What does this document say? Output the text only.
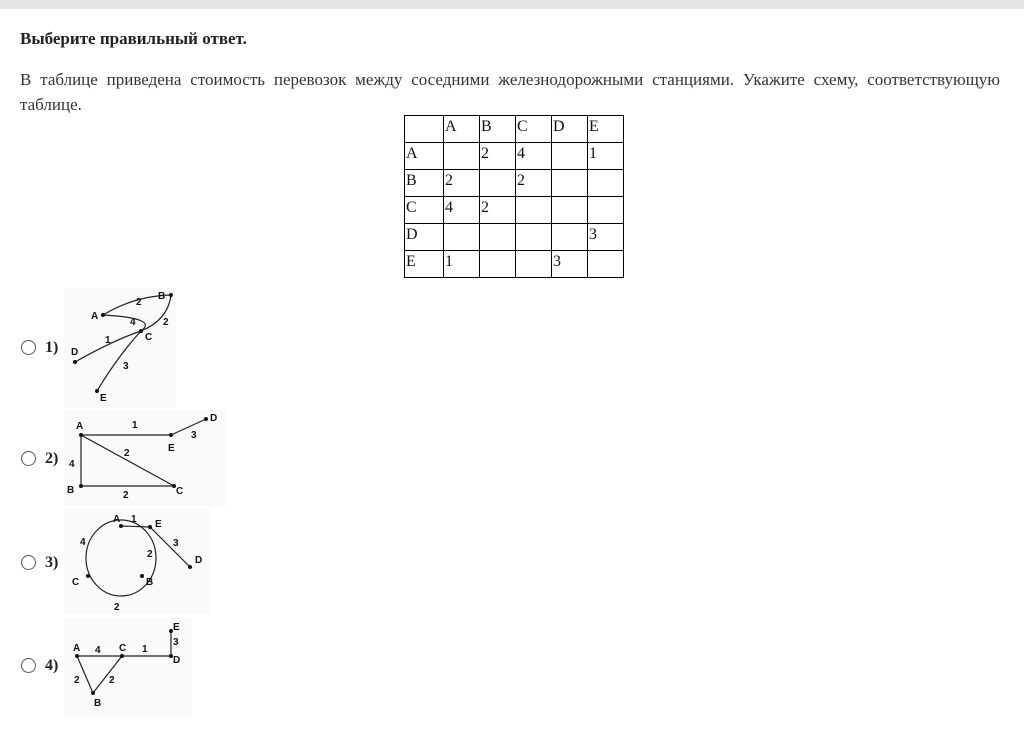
Выберите правильный ответ.
В таблице приведена стоимость перевозок между соседними железнодорожными станциями. Укажите схему, соответствующую таблице.
	A	B	C	D	E
A		2	4		1
B	2		2		
C	4	2			
D					3
E	1			3	
1)
A
B
C
D
E
2
4	2
1
3
2)
A
E
D
B	C
1
3
4
2
2
3)
A	E
D
C	B
1
3
4
2
2
4)
A	C
D
E
B
4	1
3
2	2
